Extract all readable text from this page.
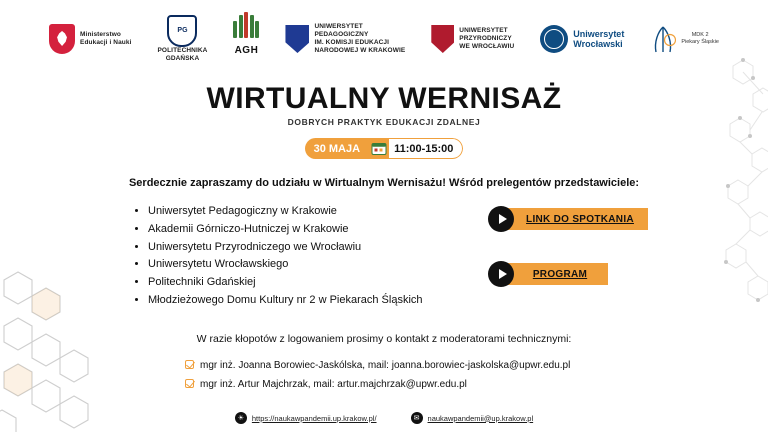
Ministerstwo
Edukacji i Nauki
PG
POLITECHNIKA
GDAŃSKA
AGH
UNIWERSYTET
PEDAGOGICZNY
IM. KOMISJI EDUKACJI
NARODOWEJ W KRAKOWIE
UNIWERSYTET
PRZYRODNICZY
WE WROCŁAWIU
Uniwersytet
Wrocławski
MDK 2
Piekary Śląskie
WIRTUALNY WERNISAŻ
DOBRYCH PRAKTYK EDUKACJI ZDALNEJ
30 MAJA	11:00-15:00
Serdecznie zapraszamy do udziału w Wirtualnym Wernisażu! Wśród prelegentów przedstawiciele:
• Uniwersytet Pedagogiczny w Krakowie
• Akademii Górniczo-Hutniczej w Krakowie
• Uniwersytetu Przyrodniczego we Wrocławiu
• Uniwersytetu Wrocławskiego
• Politechniki Gdańskiej
• Młodzieżowego Domu Kultury nr 2 w Piekarach Śląskich
LINK DO SPOTKANIA
PROGRAM
W razie kłopotów z logowaniem prosimy o kontakt z moderatorami technicznymi:
mgr inż. Joanna Borowiec-Jaskólska, mail: joanna.borowiec-jaskolska@upwr.edu.pl
mgr inż. Artur Majchrzak, mail: artur.majchrzak@upwr.edu.pl
☀	https://naukawpandemii.up.krakow.pl/	✉	naukawpandemii@up.krakow.pl
